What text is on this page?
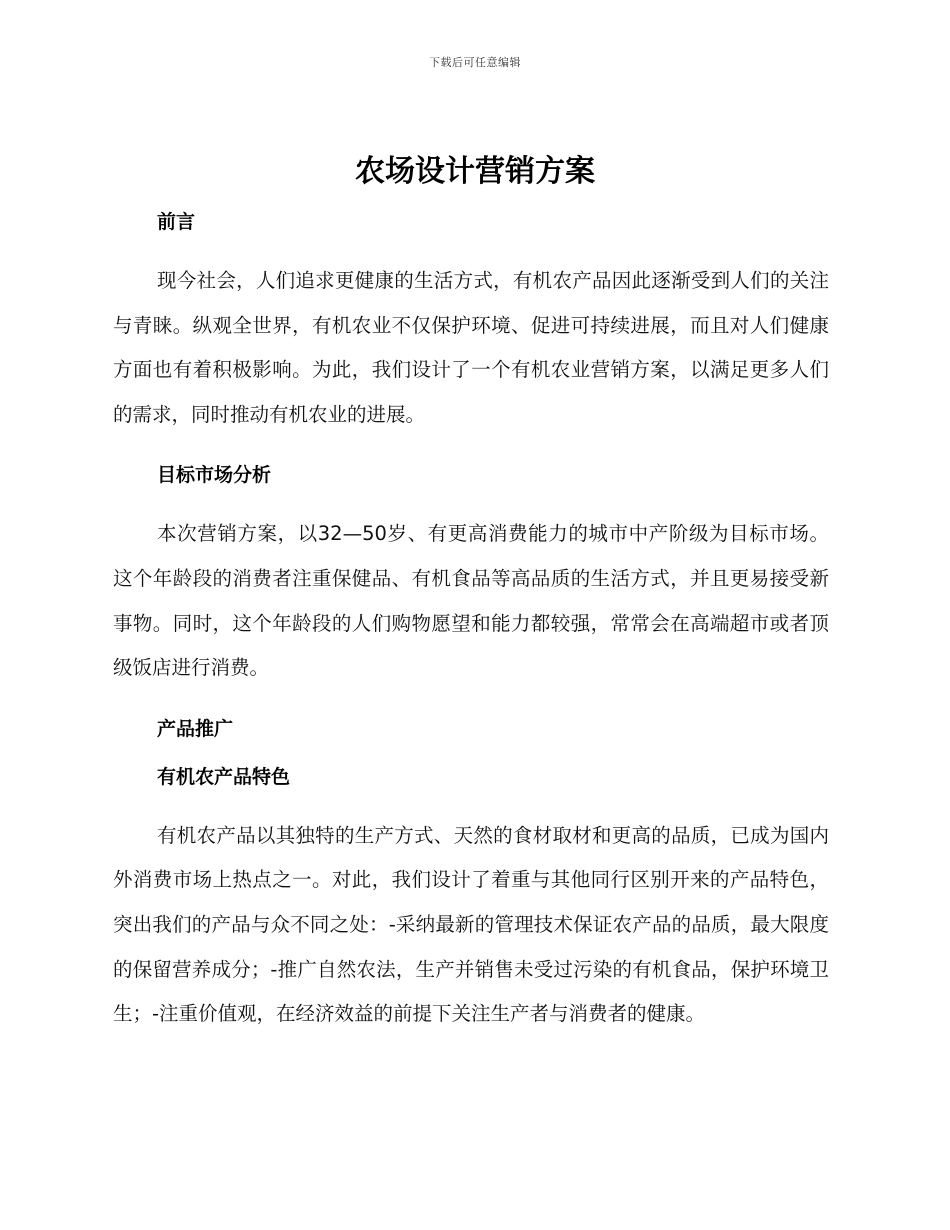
下载后可任意编辑
农场设计营销方案
前言

现今社会，人们追求更健康的生活方式，有机农产品因此逐渐受到人们的关注与青睐。纵观全世界，有机农业不仅保护环境、促进可持续进展，而且对人们健康方面也有着积极影响。为此，我们设计了一个有机农业营销方案，以满足更多人们的需求，同时推动有机农业的进展。

目标市场分析

本次营销方案，以32—50岁、有更高消费能力的城市中产阶级为目标市场。这个年龄段的消费者注重保健品、有机食品等高品质的生活方式，并且更易接受新事物。同时，这个年龄段的人们购物愿望和能力都较强，常常会在高端超市或者顶级饭店进行消费。

产品推广
有机农产品特色

有机农产品以其独特的生产方式、天然的食材取材和更高的品质，已成为国内外消费市场上热点之一。对此，我们设计了着重与其他同行区别开来的产品特色，突出我们的产品与众不同之处：-采纳最新的管理技术保证农产品的品质，最大限度的保留营养成分；-推广自然农法，生产并销售未受过污染的有机食品，保护环境卫生；-注重价值观，在经济效益的前提下关注生产者与消费者的健康。
